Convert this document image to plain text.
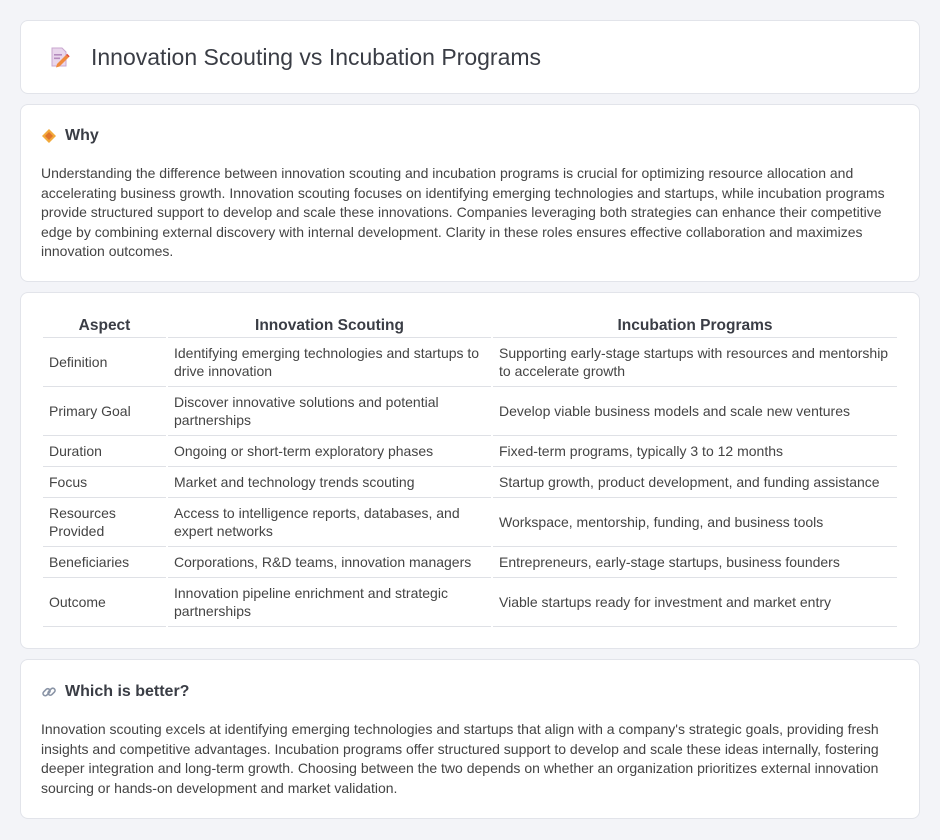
Innovation Scouting vs Incubation Programs
Why

Understanding the difference between innovation scouting and incubation programs is crucial for optimizing resource allocation and accelerating business growth. Innovation scouting focuses on identifying emerging technologies and startups, while incubation programs provide structured support to develop and scale these innovations. Companies leveraging both strategies can enhance their competitive edge by combining external discovery with internal development. Clarity in these roles ensures effective collaboration and maximizes innovation outcomes.

Aspect	Innovation Scouting	Incubation Programs
Definition	Identifying emerging technologies and startups to drive innovation	Supporting early-stage startups with resources and mentorship to accelerate growth
Primary Goal	Discover innovative solutions and potential partnerships	Develop viable business models and scale new ventures
Duration	Ongoing or short-term exploratory phases	Fixed-term programs, typically 3 to 12 months
Focus	Market and technology trends scouting	Startup growth, product development, and funding assistance
Resources Provided	Access to intelligence reports, databases, and expert networks	Workspace, mentorship, funding, and business tools
Beneficiaries	Corporations, R&D teams, innovation managers	Entrepreneurs, early-stage startups, business founders
Outcome	Innovation pipeline enrichment and strategic partnerships	Viable startups ready for investment and market entry
Which is better?

Innovation scouting excels at identifying emerging technologies and startups that align with a company's strategic goals, providing fresh insights and competitive advantages. Incubation programs offer structured support to develop and scale these ideas internally, fostering deeper integration and long-term growth. Choosing between the two depends on whether an organization prioritizes external innovation sourcing or hands-on development and market validation.
